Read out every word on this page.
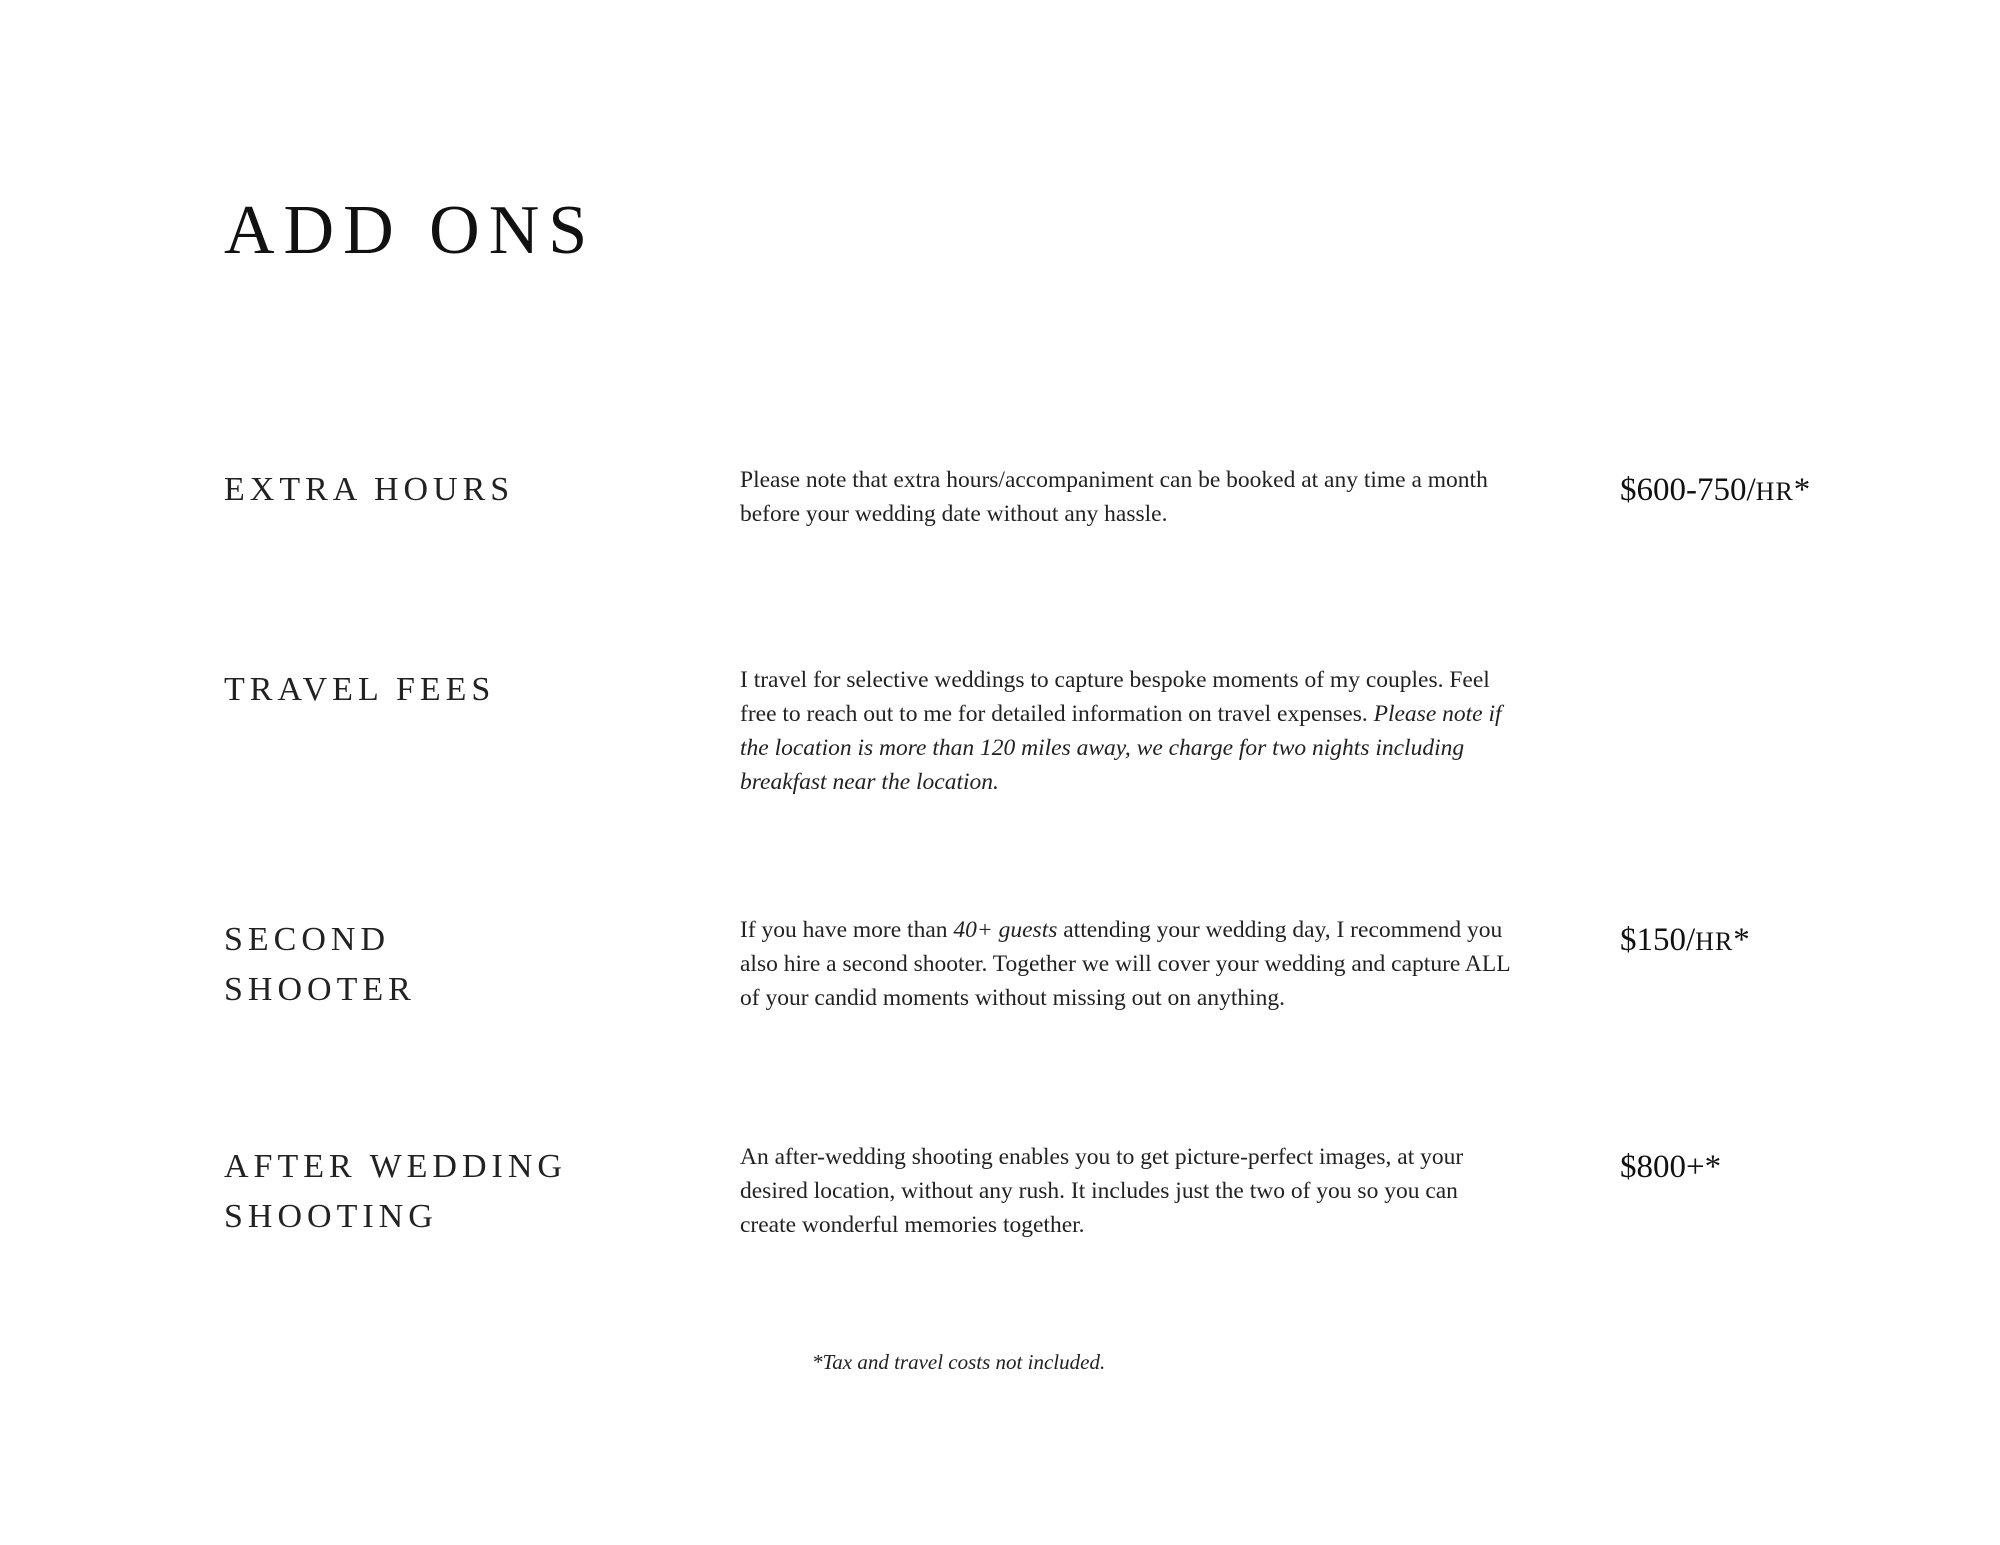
ADD ONS
EXTRA HOURS	Please note that extra hours/accompaniment can be booked at any time a month before your wedding date without any hassle.

$600-750/HR*
TRAVEL FEES	I travel for selective weddings to capture bespoke moments of my couples. Feel free to reach out to me for detailed information on travel expenses. Please note if the location is more than 120 miles away, we charge for two nights including breakfast near the location.

SECOND
SHOOTER

If you have more than 40+ guests attending your wedding day, I recommend you also hire a second shooter. Together we will cover your wedding and capture ALL of your candid moments without missing out on anything.

$150/HR*
AFTER WEDDING
SHOOTING

An after-wedding shooting enables you to get picture-perfect images, at your desired location, without any rush. It includes just the two of you so you can create wonderful memories together.

$800+*

*Tax and travel costs not included.
